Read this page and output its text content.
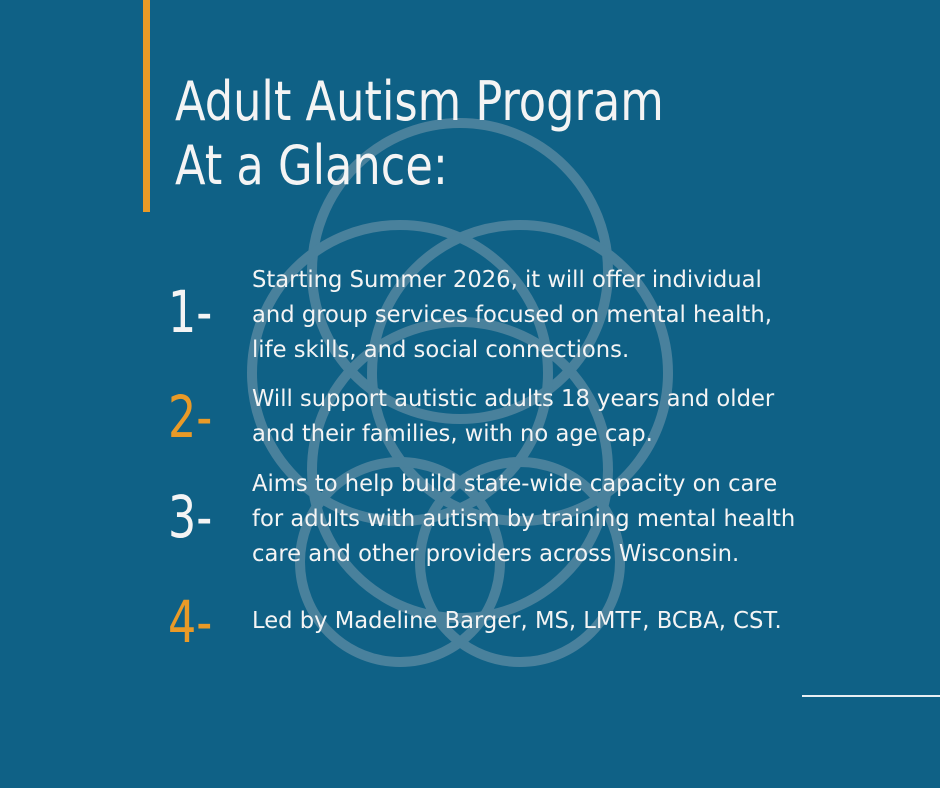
Adult Autism Program
At a Glance:
1- Starting Summer 2026, it will offer individual
and group services focused on mental health,
life skills, and social connections.
2- Will support autistic adults 18 years and older
and their families, with no age cap.
3- Aims to help build state-wide capacity on care
for adults with autism by training mental health
care and other providers across Wisconsin.
4- Led by Madeline Barger, MS, LMTF, BCBA, CST.
